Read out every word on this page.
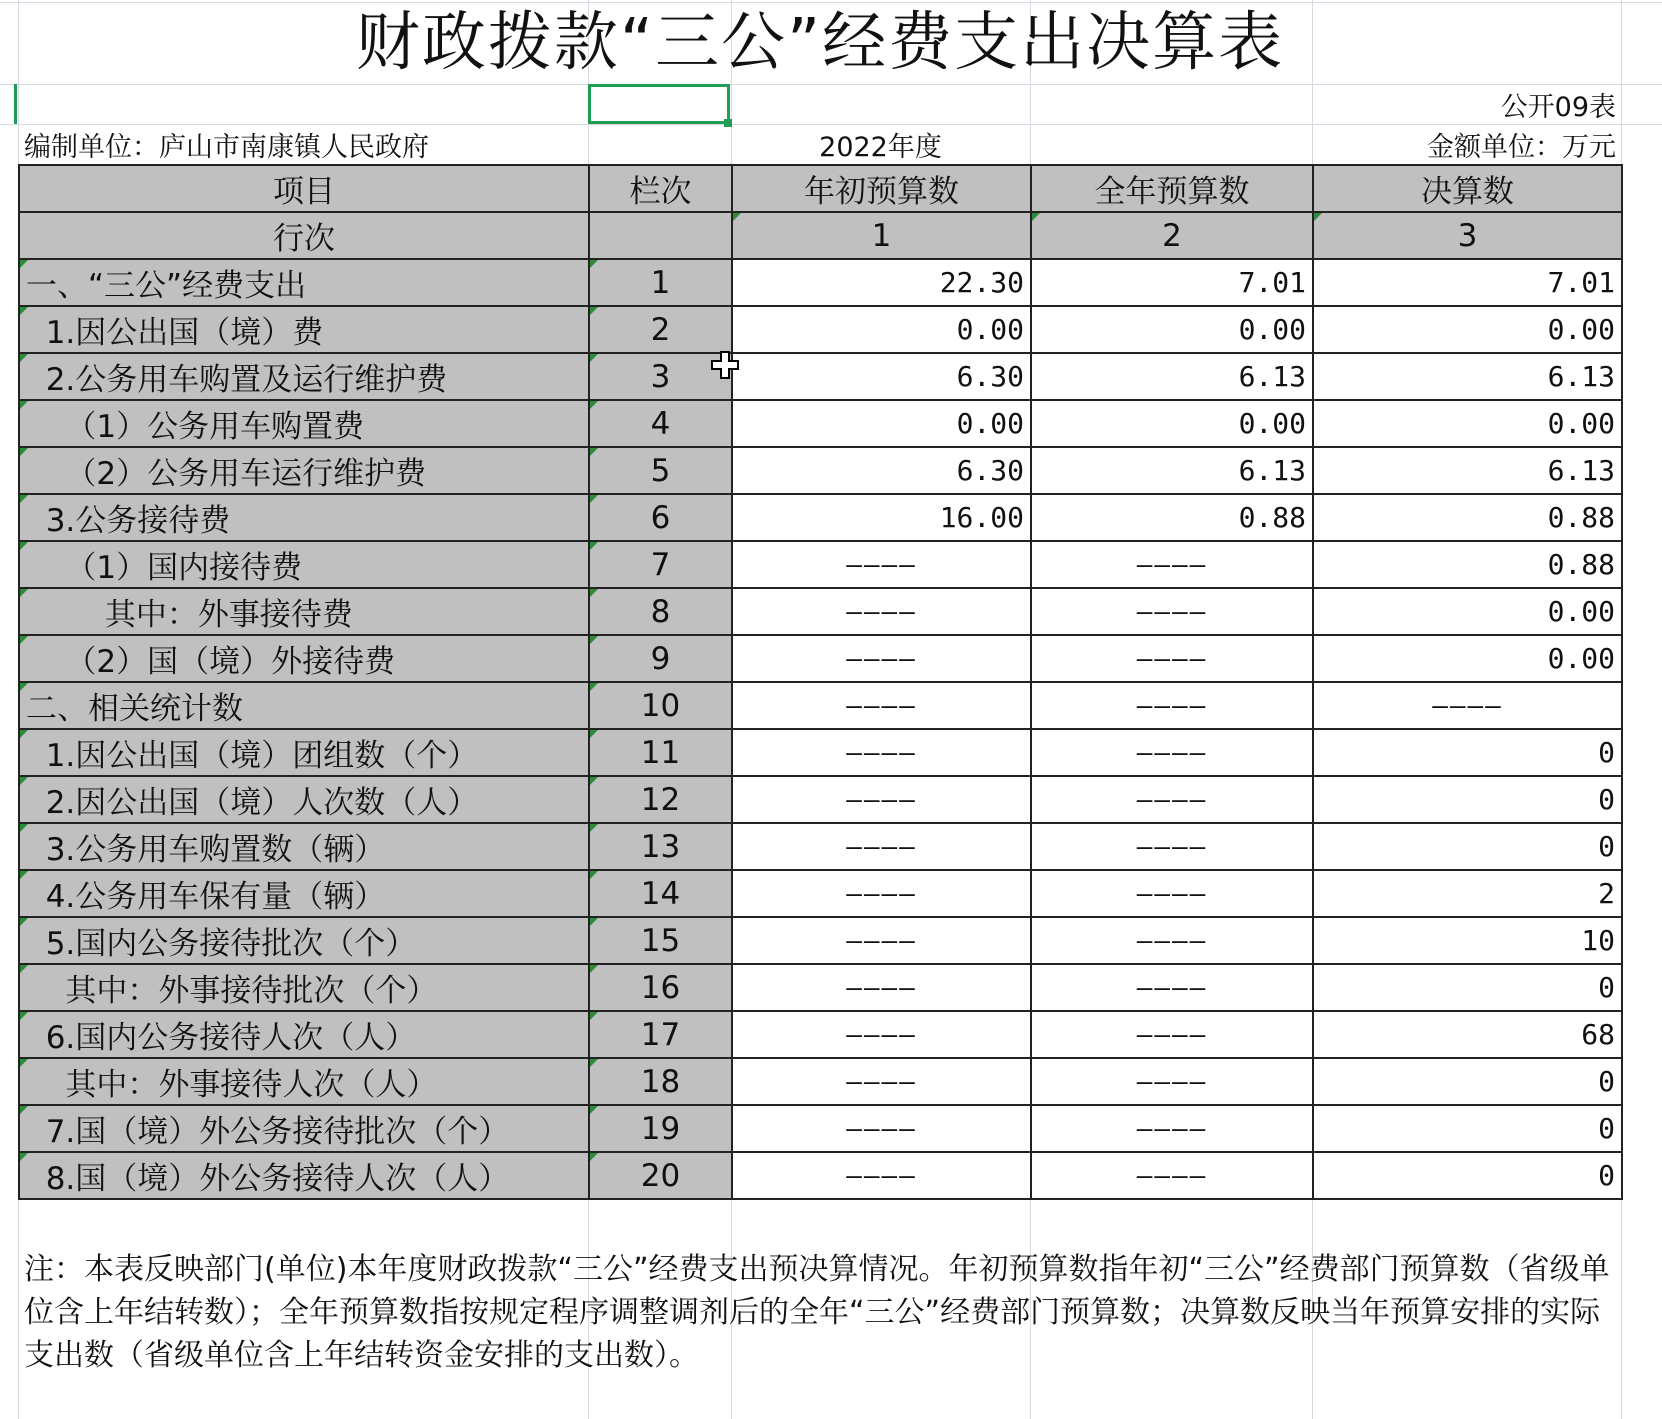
财政拨款“三公”经费支出决算表
公开09表
编制单位：庐山市南康镇人民政府	2022年度	金额单位：万元
项目	栏次	年初预算数	全年预算数	决算数
行次		1	2	3
一、“三公”经费支出	1	22.30	7.01	7.01
1.因公出国（境）费	2	0.00	0.00	0.00
2.公务用车购置及运行维护费	3	6.30	6.13	6.13
（1）公务用车购置费	4	0.00	0.00	0.00
（2）公务用车运行维护费	5	6.30	6.13	6.13
3.公务接待费	6	16.00	0.88	0.88
（1）国内接待费	7	————	————	0.88
其中：外事接待费	8	————	————	0.00
（2）国（境）外接待费	9	————	————	0.00
二、相关统计数	10	————	————	————
1.因公出国（境）团组数（个）	11	————	————	0
2.因公出国（境）人次数（人）	12	————	————	0
3.公务用车购置数（辆）	13	————	————	0
4.公务用车保有量（辆）	14	————	————	2
5.国内公务接待批次（个）	15	————	————	10
其中：外事接待批次（个）	16	————	————	0
6.国内公务接待人次（人）	17	————	————	68
其中：外事接待人次（人）	18	————	————	0
7.国（境）外公务接待批次（个）	19	————	————	0
8.国（境）外公务接待人次（人）	20	————	————	0
注：本表反映部门(单位)本年度财政拨款“三公”经费支出预决算情况。年初预算数指年初“三公”经费部门预算数（省级单位含上年结转数）；全年预算数指按规定程序调整调剂后的全年“三公”经费部门预算数；决算数反映当年预算安排的实际支出数（省级单位含上年结转资金安排的支出数）。
